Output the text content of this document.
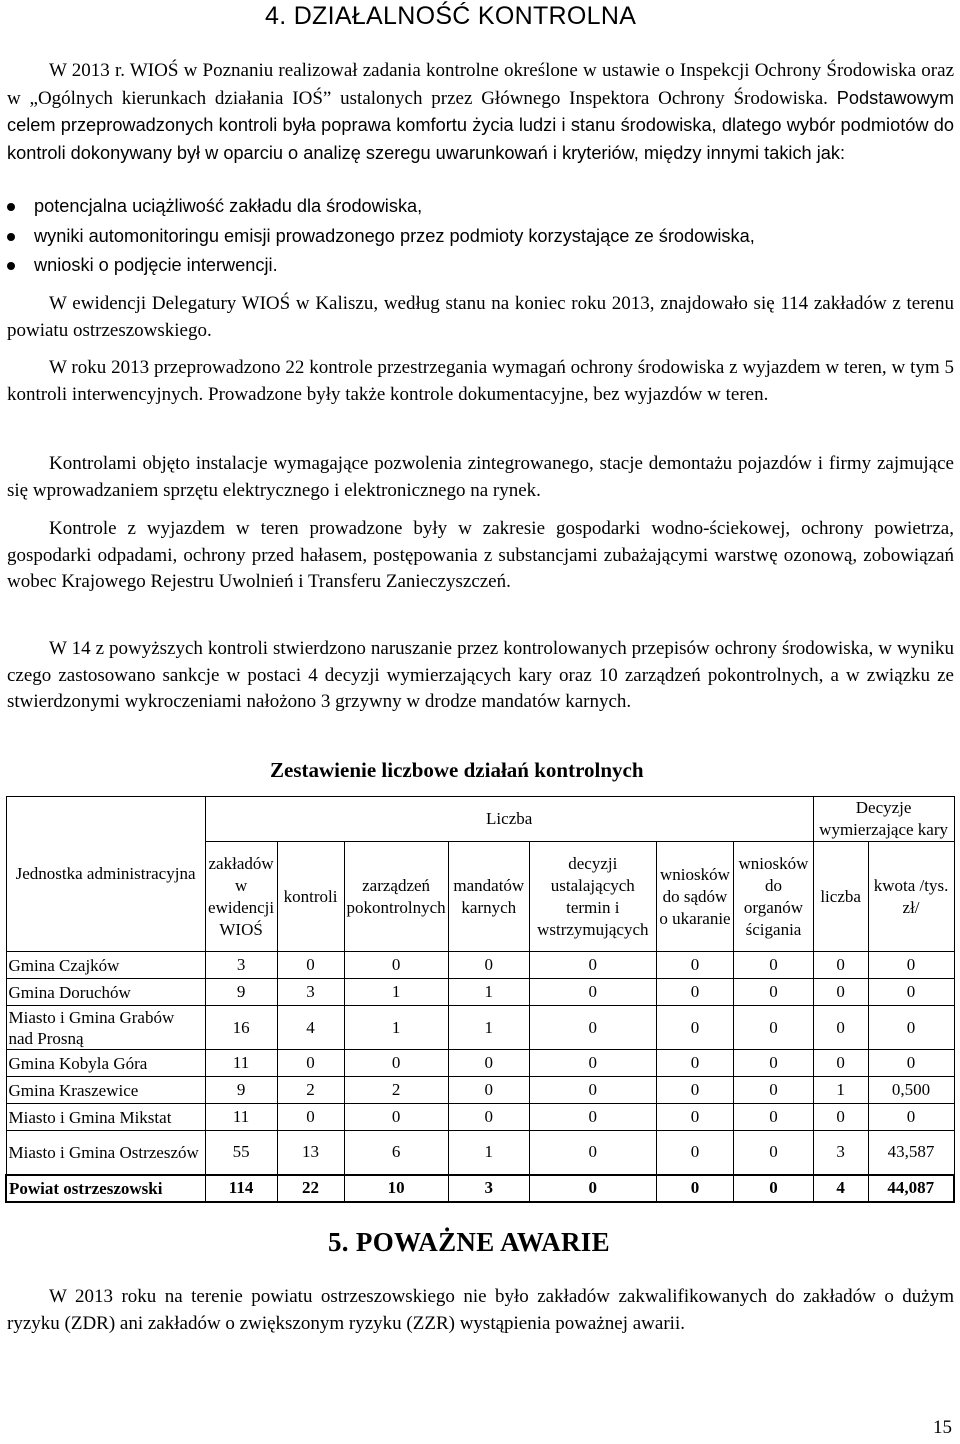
4. DZIAŁALNOŚĆ KONTROLNA

W 2013 r. WIOŚ w Poznaniu realizował zadania kontrolne określone w ustawie o Inspekcji Ochrony Środowiska oraz w „Ogólnych kierunkach działania IOŚ” ustalonych przez Głównego Inspektora Ochrony Środowiska. Podstawowym celem przeprowadzonych kontroli była poprawa komfortu życia ludzi i stanu środowiska, dlatego wybór podmiotów do kontroli dokonywany był w oparciu o analizę szeregu uwarunkowań i kryteriów, między innymi takich jak:

potencjalna uciążliwość zakładu dla środowiska,
wyniki automonitoringu emisji prowadzonego przez podmioty korzystające ze środowiska,
wnioski o podjęcie interwencji.

W ewidencji Delegatury WIOŚ w Kaliszu, według stanu na koniec roku 2013, znajdowało się 114 zakładów z terenu powiatu ostrzeszowskiego.

W roku 2013 przeprowadzono 22 kontrole przestrzegania wymagań ochrony środowiska z wyjazdem w teren, w tym 5 kontroli interwencyjnych. Prowadzone były także kontrole dokumentacyjne, bez wyjazdów w teren.

Kontrolami objęto instalacje wymagające pozwolenia zintegrowanego, stacje demontażu pojazdów i firmy zajmujące się wprowadzaniem sprzętu elektrycznego i elektronicznego na rynek.

Kontrole z wyjazdem w teren prowadzone były w zakresie gospodarki wodno-ściekowej, ochrony powietrza, gospodarki odpadami, ochrony przed hałasem, postępowania z substancjami zubażającymi warstwę ozonową, zobowiązań wobec Krajowego Rejestru Uwolnień i Transferu Zanieczyszczeń.

W 14 z powyższych kontroli stwierdzono naruszanie przez kontrolowanych przepisów ochrony środowiska, w wyniku czego zastosowano sankcje w postaci 4 decyzji wymierzających kary oraz 10 zarządzeń pokontrolnych, a w związku ze stwierdzonymi wykroczeniami nałożono 3 grzywny w drodze mandatów karnych.

Zestawienie liczbowe działań kontrolnych
Jednostka administracyjna	Liczba							Decyzje wymierzające kary	
	zakładów w ewidencji WIOŚ	kontroli	zarządzeń pokontrolnych	mandatów karnych	decyzji ustalających termin i wstrzymujących	wniosków do sądów o ukaranie	wniosków do organów ścigania	liczba	kwota /tys. zł/
Gmina Czajków	3	0	0	0	0	0	0	0	0
Gmina Doruchów	9	3	1	1	0	0	0	0	0
Miasto i Gmina Grabów nad Prosną	16	4	1	1	0	0	0	0	0
Gmina Kobyla Góra	11	0	0	0	0	0	0	0	0
Gmina Kraszewice	9	2	2	0	0	0	0	1	0,500
Miasto i Gmina Mikstat	11	0	0	0	0	0	0	0	0
Miasto i Gmina Ostrzeszów	55	13	6	1	0	0	0	3	43,587
Powiat ostrzeszowski	114	22	10	3	0	0	0	4	44,087
5. POWAŻNE AWARIE

W 2013 roku na terenie powiatu ostrzeszowskiego nie było zakładów zakwalifikowanych do zakładów o dużym ryzyku (ZDR) ani zakładów o zwiększonym ryzyku (ZZR) wystąpienia poważnej awarii.

15
